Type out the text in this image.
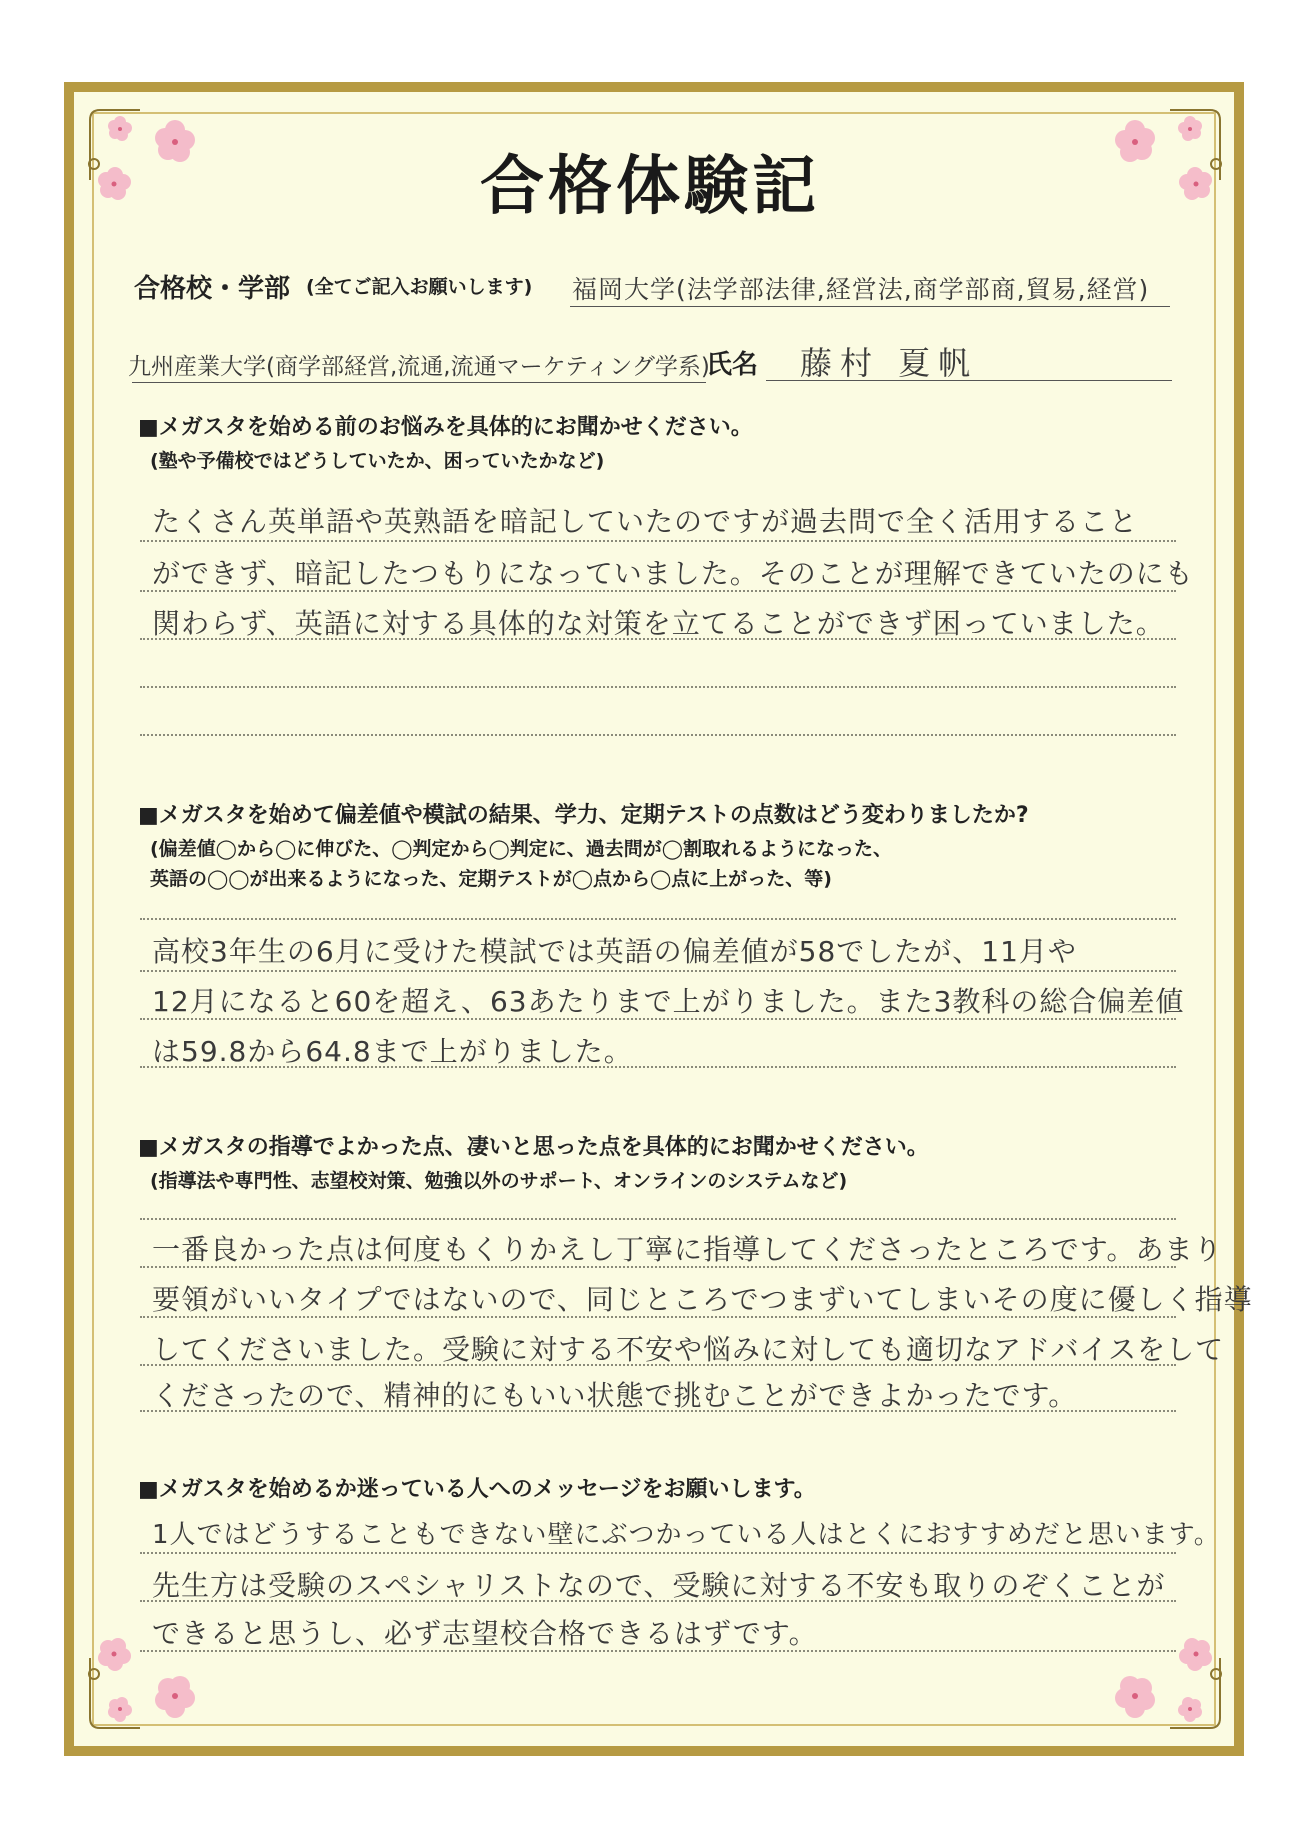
合格体験記
合格校・学部 (全てご記入お願いします) 福岡大学(法学部法律,経営法,商学部商,貿易,経営)
九州産業大学(商学部経営,流通,流通マーケティング学系)
氏名 藤村 夏帆
■メガスタを始める前のお悩みを具体的にお聞かせください。
(塾や予備校ではどうしていたか、困っていたかなど)
たくさん英単語や英熟語を暗記していたのですが過去問で全く活用すること
ができず、暗記したつもりになっていました。そのことが理解できていたのにも
関わらず、英語に対する具体的な対策を立てることができず困っていました。
■メガスタを始めて偏差値や模試の結果、学力、定期テストの点数はどう変わりましたか?
(偏差値◯から◯に伸びた、◯判定から◯判定に、過去問が◯割取れるようになった、
英語の◯◯が出来るようになった、定期テストが◯点から◯点に上がった、等)
高校3年生の6月に受けた模試では英語の偏差値が58でしたが、11月や
12月になると60を超え、63あたりまで上がりました。また3教科の総合偏差値
は59.8から64.8まで上がりました。
■メガスタの指導でよかった点、凄いと思った点を具体的にお聞かせください。
(指導法や専門性、志望校対策、勉強以外のサポート、オンラインのシステムなど)
一番良かった点は何度もくりかえし丁寧に指導してくださったところです。あまり
要領がいいタイプではないので、同じところでつまずいてしまいその度に優しく指導
してくださいました。受験に対する不安や悩みに対しても適切なアドバイスをして
くださったので、精神的にもいい状態で挑むことができよかったです。
■メガスタを始めるか迷っている人へのメッセージをお願いします。
1人ではどうすることもできない壁にぶつかっている人はとくにおすすめだと思います。
先生方は受験のスペシャリストなので、受験に対する不安も取りのぞくことが
できると思うし、必ず志望校合格できるはずです。
